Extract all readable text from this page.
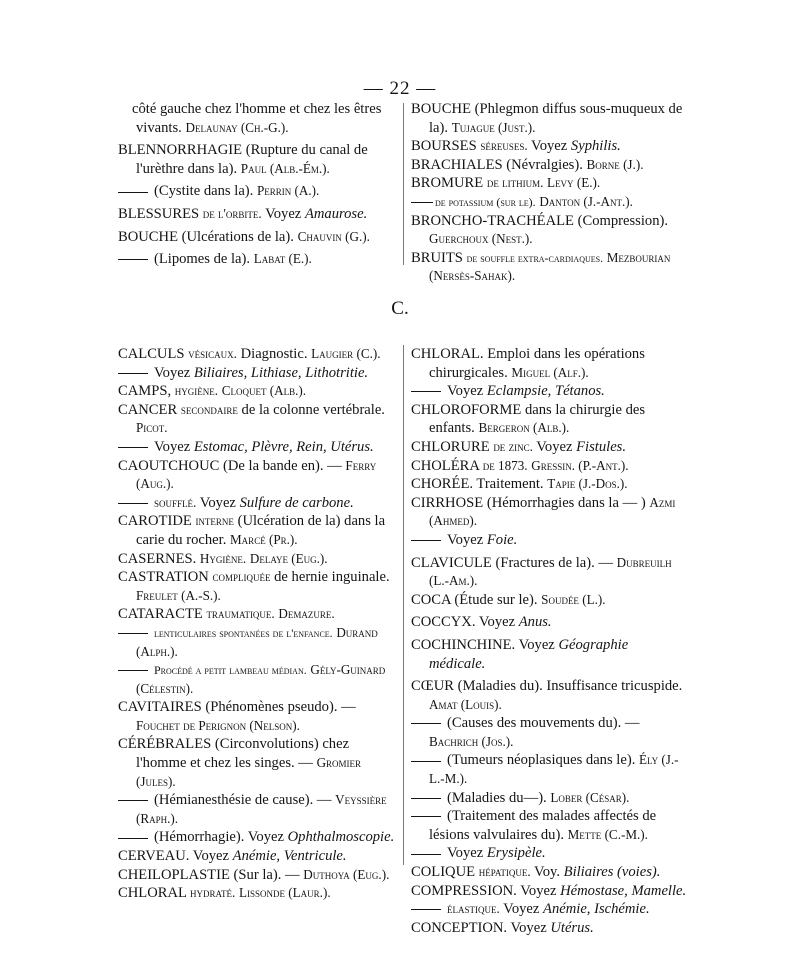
— 22 —
C.
côté gauche chez l'homme et chez les êtres vivants. Delaunay (Ch.-G.).
BLENNORRHAGIE (Rupture du canal de l'urèthre dans la). Paul (Alb.-Ém.).
(Cystite dans la). Perrin (A.).
BLESSURES de l'orbite. Voyez Amaurose.
BOUCHE (Ulcérations de la). Chauvin (G.).
(Lipomes de la). Labat (E.).
BOUCHE (Phlegmon diffus sous-muqueux de la). Tujague (Just.).
BOURSES séreuses. Voyez Syphilis.
BRACHIALES (Névralgies). Borne (J.).
BROMURE de lithium. Levy (E.).
de potassium (sur le). Danton (J.-Ant.).
BRONCHO-TRACHÉALE (Compression). Guerchoux (Nest.).
BRUITS de souffle extra-cardiaques. Mezbourian (Nersès-Sahak).
CALCULS vésicaux. Diagnostic. Laugier (C.).
Voyez Biliaires, Lithiase, Lithotritie.
CAMPS, hygiène. Cloquet (Alb.).
CANCER secondaire de la colonne vertébrale. Picot.
Voyez Estomac, Plèvre, Rein, Utérus.
CAOUTCHOUC (De la bande en). — Ferry (Aug.).
soufflé. Voyez Sulfure de carbone.
CAROTIDE interne (Ulcération de la) dans la carie du rocher. Marcé (Pr.).
CASERNES. Hygiène. Delaye (Eug.).
CASTRATION compliquée de hernie inguinale. Freulet (A.-S.).
CATARACTE traumatique. Demazure.
lenticulaires spontanées de l'enfance. Durand (Alph.).
Procédé a petit lambeau médian. Gély-Guinard (Célestin).
CAVITAIRES (Phénomènes pseudo). — Fouchet de Perignon (Nelson).
CÉRÉBRALES (Circonvolutions) chez l'homme et chez les singes. — Gromier (Jules).
(Hémianesthésie de cause). — Veyssière (Raph.).
(Hémorrhagie). Voyez Ophthalmoscopie.
CERVEAU. Voyez Anémie, Ventricule.
CHEILOPLASTIE (Sur la). — Duthoya (Eug.).
CHLORAL hydraté. Lissonde (Laur.).
CHLORAL. Emploi dans les opérations chirurgicales. Miguel (Alf.).
Voyez Eclampsie, Tétanos.
CHLOROFORME dans la chirurgie des enfants. Bergeron (Alb.).
CHLORURE de zinc. Voyez Fistules.
CHOLÉRA de 1873. Gressin. (P.-Ant.).
CHORÉE. Traitement. Tapie (J.-Dos.).
CIRRHOSE (Hémorrhagies dans la — ) Azmi (Ahmed).
Voyez Foie.
CLAVICULE (Fractures de la). — Dubreuilh (L.-Am.).
COCA (Étude sur le). Soudée (L.).
COCCYX. Voyez Anus.
COCHINCHINE. Voyez Géographie médicale.
CŒUR (Maladies du). Insuffisance tricuspide. Amat (Louis).
(Causes des mouvements du). — Bachrich (Jos.).
(Tumeurs néoplasiques dans le). Ély (J.-L.-M.).
(Maladies du—). Lober (César).
(Traitement des malades affectés de lésions valvulaires du). Mette (C.-M.).
Voyez Erysipèle.
COLIQUE hépatique. Voy. Biliaires (voies).
COMPRESSION. Voyez Hémostase, Mamelle.
élastique. Voyez Anémie, Ischémie.
CONCEPTION. Voyez Utérus.
